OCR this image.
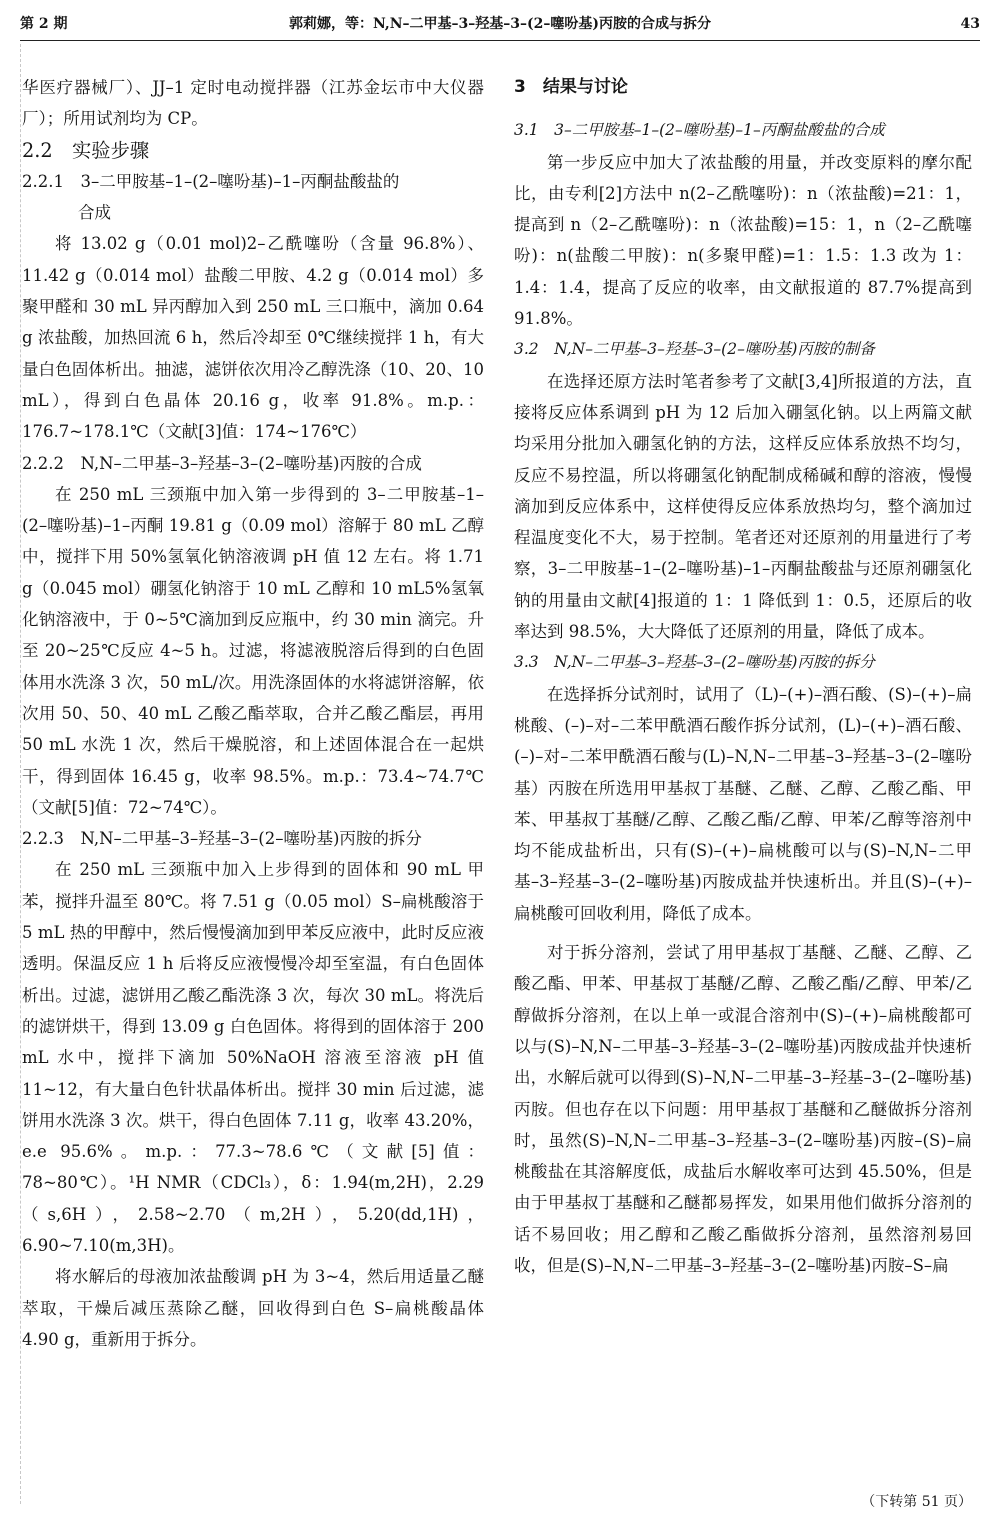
第 2 期	郭莉娜，等：N,N–二甲基–3–羟基–3–(2–噻吩基)丙胺的合成与拆分	43

华医疗器械厂）、JJ–1 定时电动搅拌器（江苏金坛市中大仪器厂）；所用试剂均为 CP。

2.2　实验步骤
2.2.1　3–二甲胺基–1–(2–噻吩基)–1–丙酮盐酸盐的
合成

将 13.02 g（0.01 mol)2–乙酰噻吩（含量 96.8%）、11.42 g（0.014 mol）盐酸二甲胺、4.2 g（0.014 mol）多聚甲醛和 30 mL 异丙醇加入到 250 mL 三口瓶中，滴加 0.64 g 浓盐酸，加热回流 6 h，然后冷却至 0℃继续搅拌 1 h，有大量白色固体析出。抽滤，滤饼依次用冷乙醇洗涤（10、20、10 mL），得到白色晶体 20.16 g，收率 91.8%。m.p.：176.7~178.1℃（文献[3]值：174~176℃）

2.2.2　N,N–二甲基–3–羟基–3–(2–噻吩基)丙胺的合成

在 250 mL 三颈瓶中加入第一步得到的 3–二甲胺基–1–(2–噻吩基)–1–丙酮 19.81 g（0.09 mol）溶解于 80 mL 乙醇中，搅拌下用 50%氢氧化钠溶液调 pH 值 12 左右。将 1.71 g（0.045 mol）硼氢化钠溶于 10 mL 乙醇和 10 mL5%氢氧化钠溶液中，于 0~5℃滴加到反应瓶中，约 30 min 滴完。升至 20~25℃反应 4~5 h。过滤，将滤液脱溶后得到的白色固体用水洗涤 3 次，50 mL/次。用洗涤固体的水将滤饼溶解，依次用 50、50、40 mL 乙酸乙酯萃取，合并乙酸乙酯层，再用 50 mL 水洗 1 次，然后干燥脱溶，和上述固体混合在一起烘干，得到固体 16.45 g，收率 98.5%。m.p.：73.4~74.7℃（文献[5]值：72~74℃）。

2.2.3　N,N–二甲基–3–羟基–3–(2–噻吩基)丙胺的拆分

在 250 mL 三颈瓶中加入上步得到的固体和 90 mL 甲苯，搅拌升温至 80℃。将 7.51 g（0.05 mol）S–扁桃酸溶于 5 mL 热的甲醇中，然后慢慢滴加到甲苯反应液中，此时反应液透明。保温反应 1 h 后将反应液慢慢冷却至室温，有白色固体析出。过滤，滤饼用乙酸乙酯洗涤 3 次，每次 30 mL。将洗后的滤饼烘干，得到 13.09 g 白色固体。将得到的固体溶于 200 mL 水中，搅拌下滴加 50%NaOH 溶液至溶液 pH 值 11~12，有大量白色针状晶体析出。搅拌 30 min 后过滤，滤饼用水洗涤 3 次。烘干，得白色固体 7.11 g，收率 43.20%，e.e 95.6%。m.p.：77.3~78.6℃（文献[5]值：78~80℃）。¹H NMR（CDCl₃），δ：1.94(m,2H)，2.29（s,6H），2.58~2.70（m,2H），5.20(dd,1H)，6.90~7.10(m,3H)。

将水解后的母液加浓盐酸调 pH 为 3~4，然后用适量乙醚萃取，干燥后减压蒸除乙醚，回收得到白色 S–扁桃酸晶体 4.90 g，重新用于拆分。

3　结果与讨论
3.1　3–二甲胺基–1–(2–噻吩基)–1–丙酮盐酸盐的合成

第一步反应中加大了浓盐酸的用量，并改变原料的摩尔配比，由专利[2]方法中 n(2–乙酰噻吩)：n（浓盐酸)=21：1，提高到 n（2–乙酰噻吩)：n（浓盐酸)=15：1，n（2–乙酰噻吩)：n(盐酸二甲胺)：n(多聚甲醛)=1：1.5：1.3 改为 1：1.4：1.4，提高了反应的收率，由文献报道的 87.7%提高到 91.8%。

3.2　N,N–二甲基–3–羟基–3–(2–噻吩基)丙胺的制备

在选择还原方法时笔者参考了文献[3,4]所报道的方法，直接将反应体系调到 pH 为 12 后加入硼氢化钠。以上两篇文献均采用分批加入硼氢化钠的方法，这样反应体系放热不均匀，反应不易控温，所以将硼氢化钠配制成稀碱和醇的溶液，慢慢滴加到反应体系中，这样使得反应体系放热均匀，整个滴加过程温度变化不大，易于控制。笔者还对还原剂的用量进行了考察，3–二甲胺基–1–(2–噻吩基)–1–丙酮盐酸盐与还原剂硼氢化钠的用量由文献[4]报道的 1：1 降低到 1：0.5，还原后的收率达到 98.5%，大大降低了还原剂的用量，降低了成本。

3.3　N,N–二甲基–3–羟基–3–(2–噻吩基)丙胺的拆分

在选择拆分试剂时，试用了（L)–(+)–酒石酸、(S)–(+)–扁桃酸、(–)–对–二苯甲酰酒石酸作拆分试剂，(L)–(+)–酒石酸、(–)–对–二苯甲酰酒石酸与(L)–N,N–二甲基–3–羟基–3–(2–噻吩基）丙胺在所选用甲基叔丁基醚、乙醚、乙醇、乙酸乙酯、甲苯、甲基叔丁基醚/乙醇、乙酸乙酯/乙醇、甲苯/乙醇等溶剂中均不能成盐析出，只有(S)–(+)–扁桃酸可以与(S)–N,N–二甲基–3–羟基–3–(2–噻吩基)丙胺成盐并快速析出。并且(S)–(+)–扁桃酸可回收利用，降低了成本。

对于拆分溶剂，尝试了用甲基叔丁基醚、乙醚、乙醇、乙酸乙酯、甲苯、甲基叔丁基醚/乙醇、乙酸乙酯/乙醇、甲苯/乙醇做拆分溶剂，在以上单一或混合溶剂中(S)–(+)–扁桃酸都可以与(S)–N,N–二甲基–3–羟基–3–(2–噻吩基)丙胺成盐并快速析出，水解后就可以得到(S)–N,N–二甲基–3–羟基–3–(2–噻吩基)丙胺。但也存在以下问题：用甲基叔丁基醚和乙醚做拆分溶剂时，虽然(S)–N,N–二甲基–3–羟基–3–(2–噻吩基)丙胺–(S)–扁桃酸盐在其溶解度低，成盐后水解收率可达到 45.50%，但是由于甲基叔丁基醚和乙醚都易挥发，如果用他们做拆分溶剂的话不易回收；用乙醇和乙酸乙酯做拆分溶剂，虽然溶剂易回收，但是(S)–N,N–二甲基–3–羟基–3–(2–噻吩基)丙胺–S–扁

（下转第 51 页）
